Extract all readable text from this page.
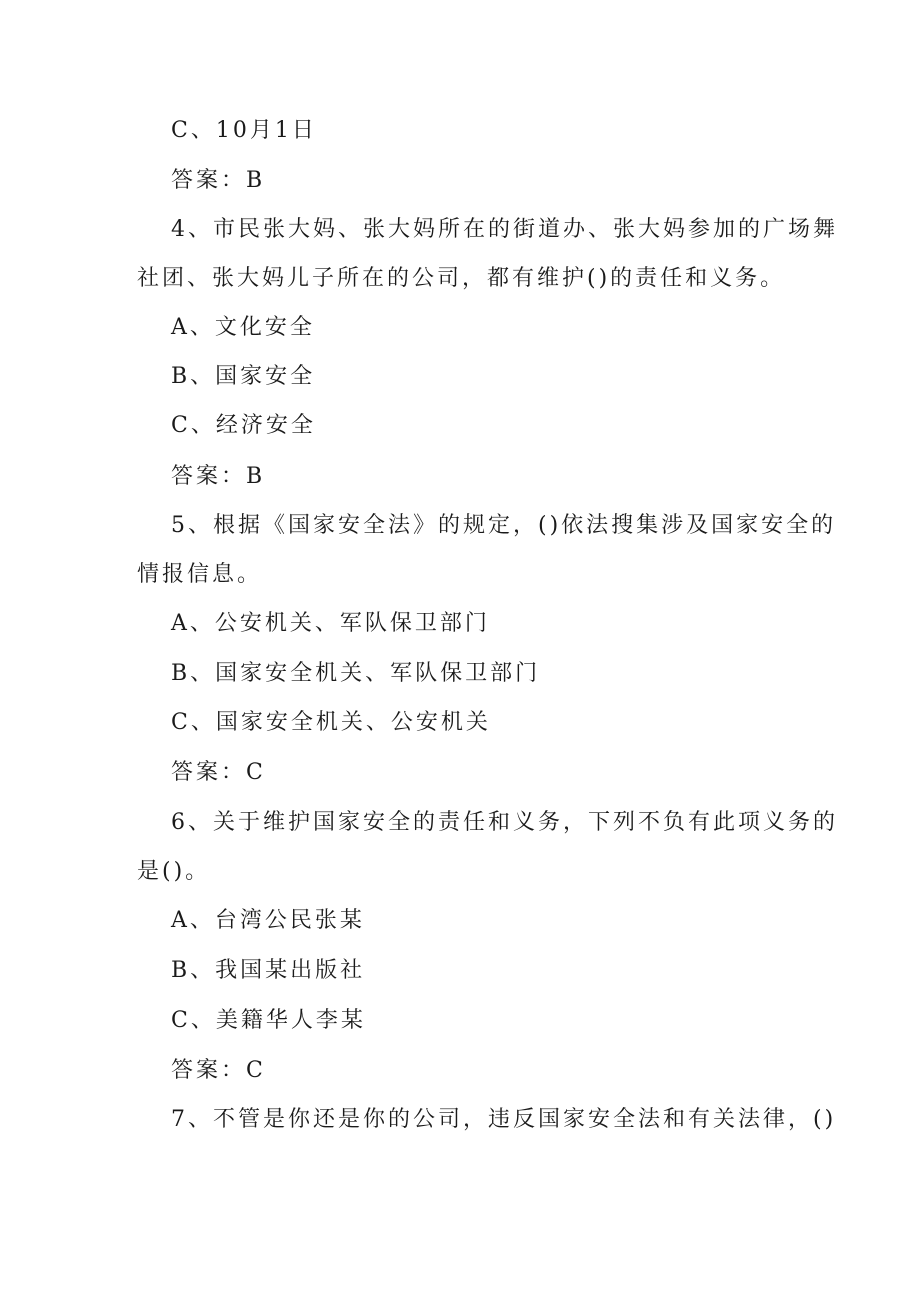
C、10月1日
答案：B
4、市民张大妈、张大妈所在的街道办、张大妈参加的广场舞
社团、张大妈儿子所在的公司，都有维护()的责任和义务。
A、文化安全
B、国家安全
C、经济安全
答案：B
5、根据《国家安全法》的规定，()依法搜集涉及国家安全的
情报信息。
A、公安机关、军队保卫部门
B、国家安全机关、军队保卫部门
C、国家安全机关、公安机关
答案：C
6、关于维护国家安全的责任和义务，下列不负有此项义务的
是()。
A、台湾公民张某
B、我国某出版社
C、美籍华人李某
答案：C
7、不管是你还是你的公司，违反国家安全法和有关法律，()
